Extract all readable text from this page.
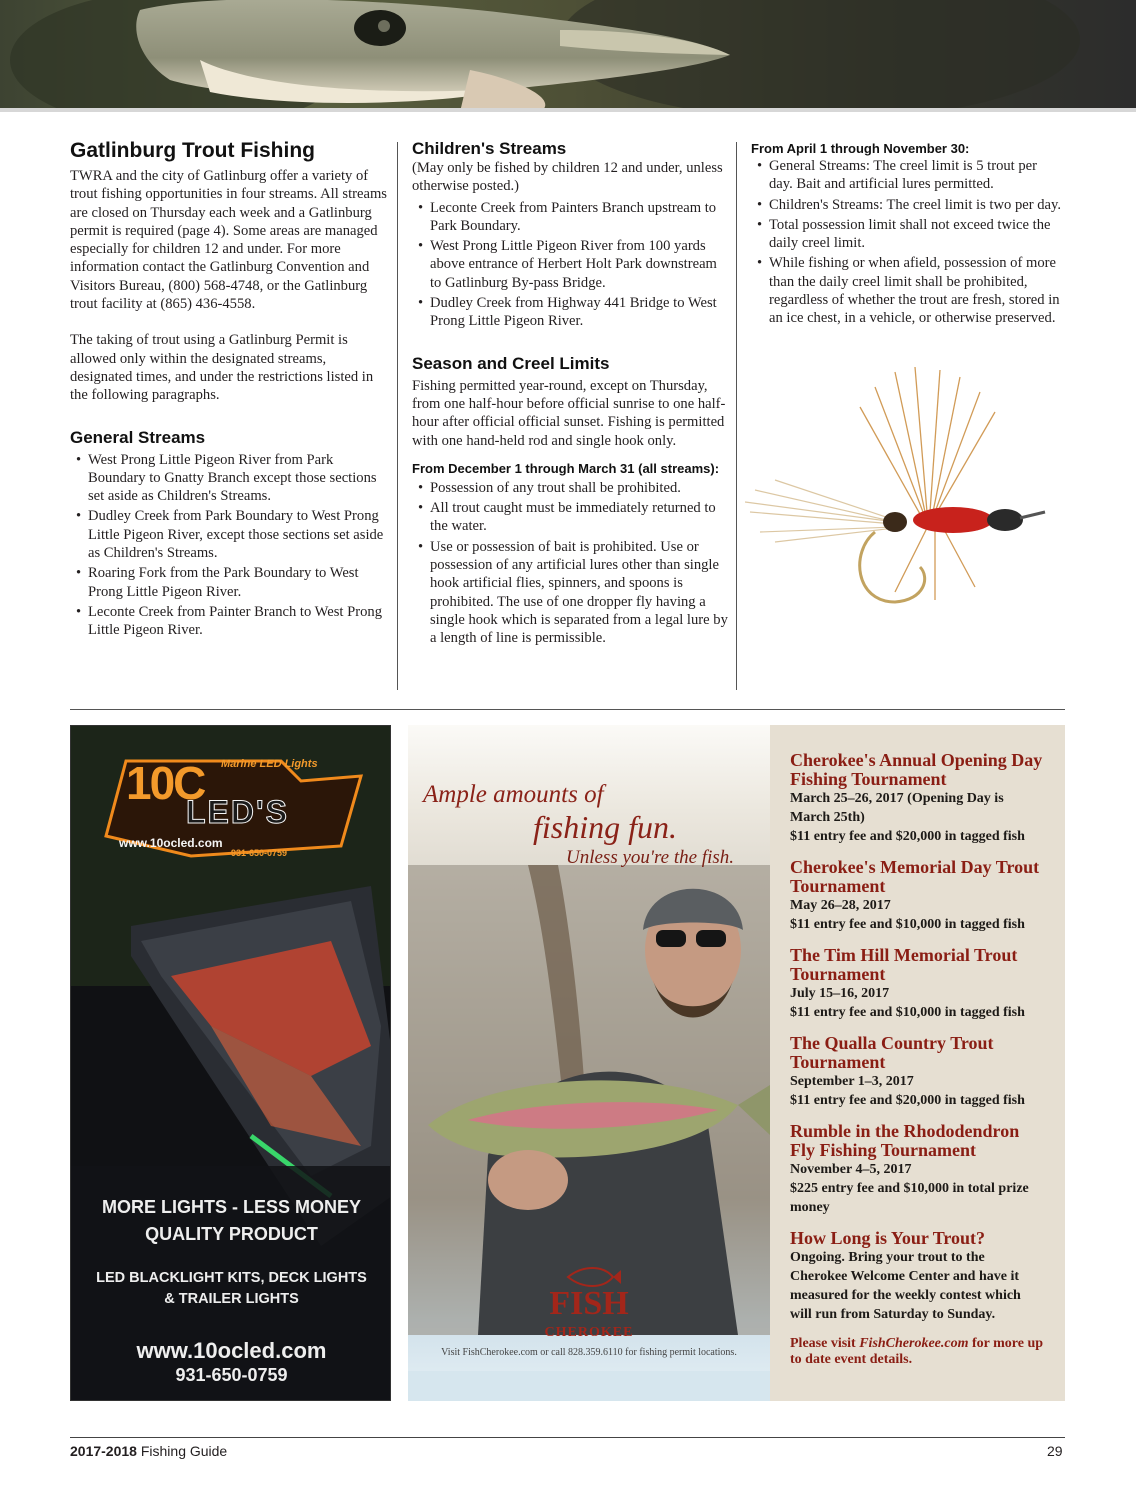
Gatlinburg Trout Fishing

TWRA and the city of Gatlinburg offer a variety of trout fishing opportunities in four streams. All streams are closed on Thursday each week and a Gatlinburg permit is required (page 4). Some areas are managed especially for children 12 and under. For more information contact the Gatlinburg Convention and Visitors Bureau, (800) 568-4748, or the Gatlinburg trout facility at (865) 436-4558.

The taking of trout using a Gatlinburg Permit is allowed only within the designated streams, designated times, and under the restrictions listed in the following paragraphs.

General Streams
• West Prong Little Pigeon River from Park Boundary to Gnatty Branch except those sections set aside as Children's Streams.
• Dudley Creek from Park Boundary to West Prong Little Pigeon River, except those sections set aside as Children's Streams.
• Roaring Fork from the Park Boundary to West Prong Little Pigeon River.
• Leconte Creek from Painter Branch to West Prong Little Pigeon River.
Children's Streams

(May only be fished by children 12 and under, unless otherwise posted.)

• Leconte Creek from Painters Branch upstream to Park Boundary.
• West Prong Little Pigeon River from 100 yards above entrance of Herbert Holt Park downstream to Gatlinburg By-pass Bridge.
• Dudley Creek from Highway 441 Bridge to West Prong Little Pigeon River.
Season and Creel Limits

Fishing permitted year-round, except on Thursday, from one half-hour before official sunrise to one half-hour after official official sunset. Fishing is permitted with one hand-held rod and single hook only.

From December 1 through March 31 (all streams):
• Possession of any trout shall be prohibited.
• All trout caught must be immediately returned to the water.
• Use or possession of bait is prohibited. Use or possession of any artificial lures other than single hook artificial flies, spinners, and spoons is prohibited. The use of one dropper fly having a single hook which is separated from a legal lure by a length of line is permissible.
From April 1 through November 30:
• General Streams: The creel limit is 5 trout per day. Bait and artificial lures permitted.
• Children's Streams: The creel limit is two per day.
• Total possession limit shall not exceed twice the daily creel limit.
• While fishing or when afield, possession of more than the daily creel limit shall be prohibited, regardless of whether the trout are fresh, stored in an ice chest, in a vehicle, or otherwise preserved.
Marine LED Lights
10C
LED'S
www.10ocled.com
931-650-0759
MORE LIGHTS - LESS MONEY
QUALITY PRODUCT
LED BLACKLIGHT KITS, DECK LIGHTS
& TRAILER LIGHTS
www.10ocled.com
931-650-0759
Ample amounts of
fishing fun.
Unless you're the fish.
FISH
CHEROKEE
Visit FishCherokee.com or call 828.359.6110 for fishing permit locations.
Cherokee's Annual Opening Day Fishing Tournament
March 25–26, 2017 (Opening Day is March 25th)
$11 entry fee and $20,000 in tagged fish
Cherokee's Memorial Day Trout Tournament
May 26–28, 2017
$11 entry fee and $10,000 in tagged fish
The Tim Hill Memorial Trout Tournament
July 15–16, 2017
$11 entry fee and $10,000 in tagged fish
The Qualla Country Trout Tournament
September 1–3, 2017
$11 entry fee and $20,000 in tagged fish
Rumble in the Rhododendron Fly Fishing Tournament
November 4–5, 2017
$225 entry fee and $10,000 in total prize money
How Long is Your Trout?
Ongoing. Bring your trout to the Cherokee Welcome Center and have it measured for the weekly contest which will run from Saturday to Sunday.
Please visit FishCherokee.com for more up to date event details.
2017-2018 Fishing Guide	29
